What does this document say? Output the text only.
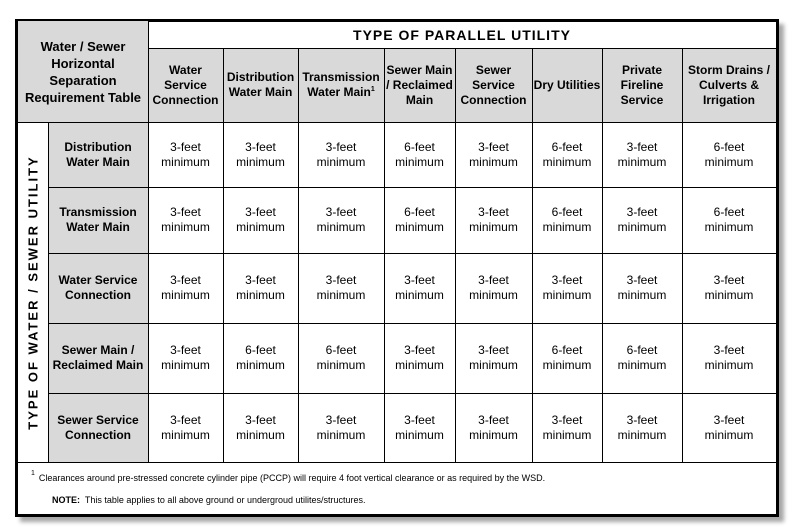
Water / Sewer Horizontal Separation Requirement Table
TYPE OF PARALLEL UTILITY
TYPE OF WATER / SEWER UTILITY
Water Service Connection
Distribution Water Main
Transmission Water Main$^1$
Sewer Main / Reclaimed Main
Sewer Service Connection
Dry Utilities
Private Fireline Service
Storm Drains / Culverts & Irrigation
Distribution Water Main
3-feet
minimum
3-feet
minimum
3-feet
minimum
6-feet
minimum
3-feet
minimum
6-feet
minimum
3-feet
minimum
6-feet
minimum
Transmission Water Main
3-feet
minimum
3-feet
minimum
3-feet
minimum
6-feet
minimum
3-feet
minimum
6-feet
minimum
3-feet
minimum
6-feet
minimum
Water Service Connection
3-feet
minimum
3-feet
minimum
3-feet
minimum
3-feet
minimum
3-feet
minimum
3-feet
minimum
3-feet
minimum
3-feet
minimum
Sewer Main / Reclaimed Main
3-feet
minimum
6-feet
minimum
6-feet
minimum
3-feet
minimum
3-feet
minimum
6-feet
minimum
6-feet
minimum
3-feet
minimum
Sewer Service Connection
3-feet
minimum
3-feet
minimum
3-feet
minimum
3-feet
minimum
3-feet
minimum
3-feet
minimum
3-feet
minimum
3-feet
minimum
$^1$ Clearances around pre-stressed concrete cylinder pipe (PCCP) will require 4 foot vertical clearance or as required by the WSD.
NOTE: This table applies to all above ground or undergroud utilites/structures.
